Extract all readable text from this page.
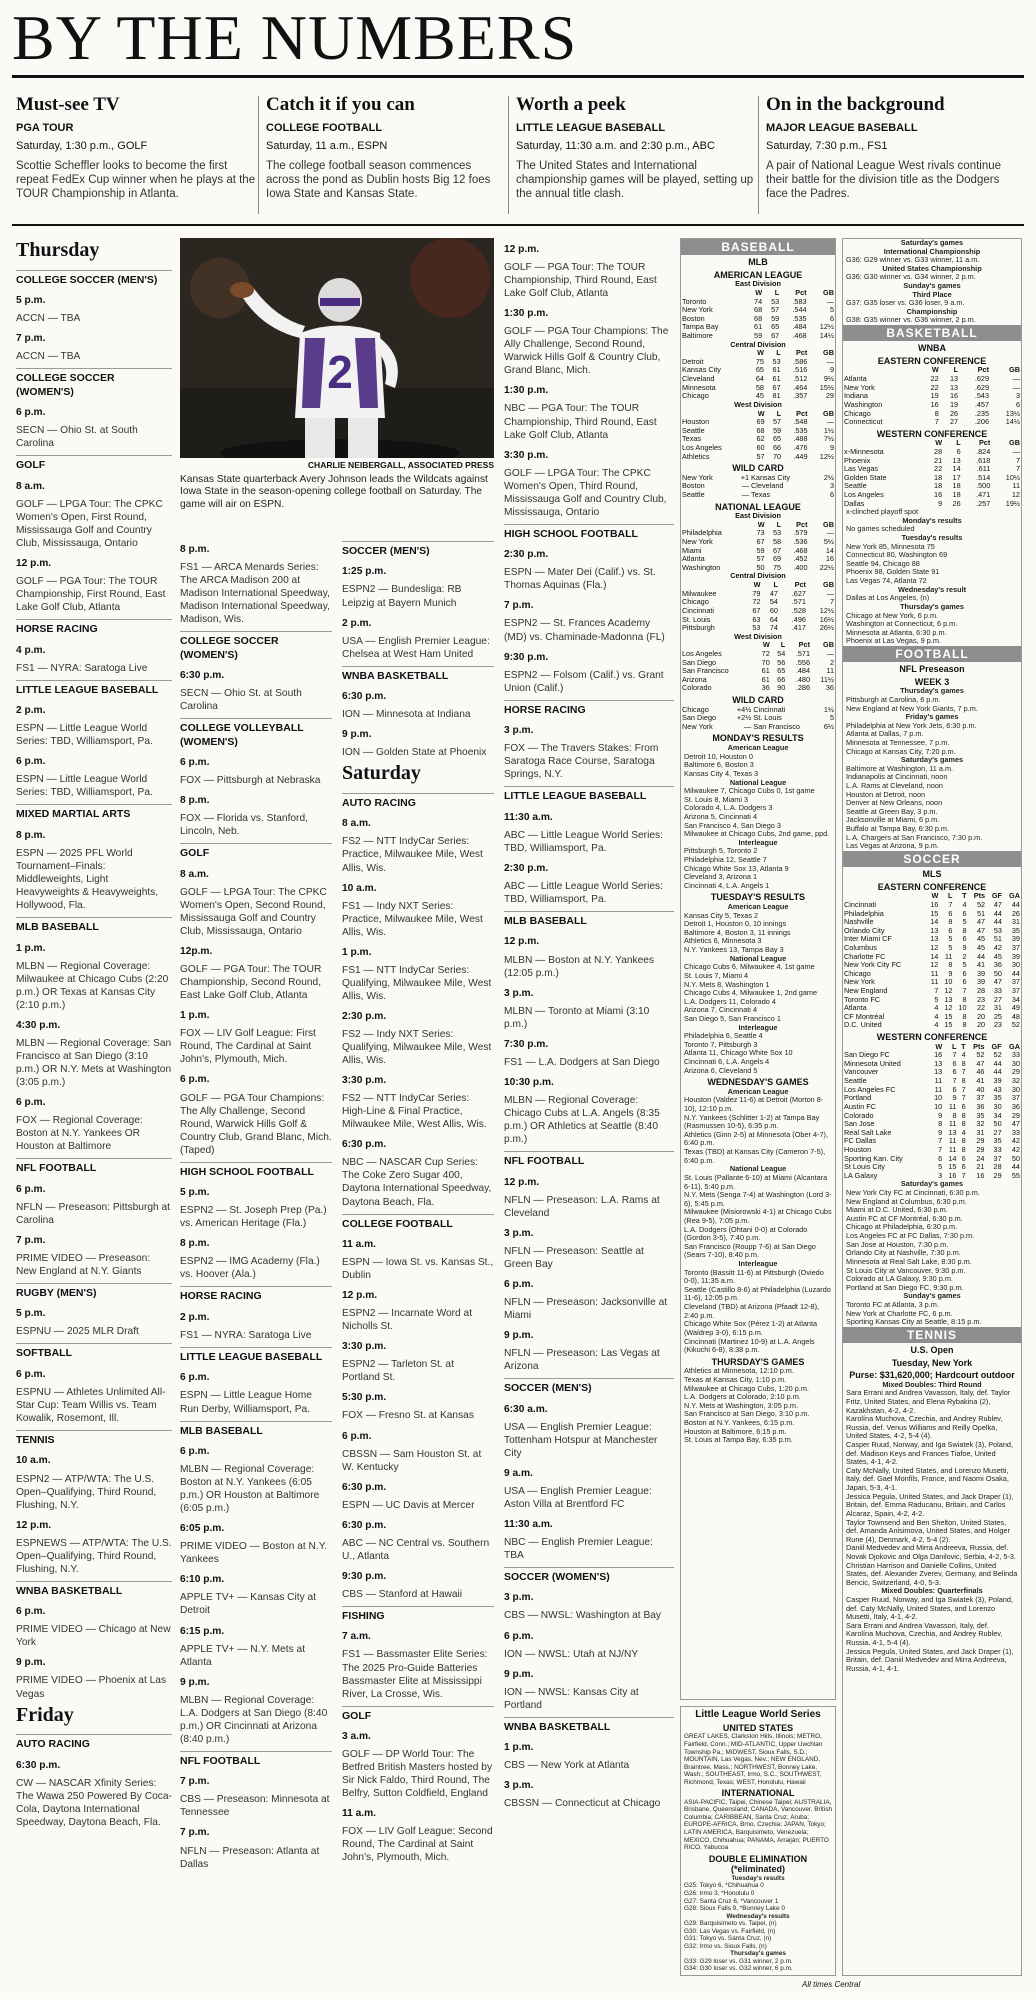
BY THE NUMBERS
Must-see TV
PGA TOUR
Saturday, 1:30 p.m., GOLF
Scottie Scheffler looks to become the first repeat FedEx Cup winner when he plays at the TOUR Championship in Atlanta.
Catch it if you can
COLLEGE FOOTBALL
Saturday, 11 a.m., ESPN
The college football season commences across the pond as Dublin hosts Big 12 foes Iowa State and Kansas State.
Worth a peek
LITTLE LEAGUE BASEBALL
Saturday, 11:30 a.m. and 2:30 p.m., ABC
The United States and International championship games will be played, setting up the annual title clash.
On in the background
MAJOR LEAGUE BASEBALL
Saturday, 7:30 p.m., FS1
A pair of National League West rivals continue their battle for the division title as the Dodgers face the Padres.
Thursday
COLLEGE SOCCER (MEN'S)
5 p.m.
ACCN — TBA
7 p.m.
ACCN — TBA
COLLEGE SOCCER (WOMEN'S)
6 p.m.
SECN — Ohio St. at South Carolina
GOLF
8 a.m.
GOLF — LPGA Tour: The CPKC Women's Open, First Round, Mississauga Golf and Country Club, Mississauga, Ontario
12 p.m.
GOLF — PGA Tour: The TOUR Championship, First Round, East Lake Golf Club, Atlanta
HORSE RACING
4 p.m.
FS1 — NYRA: Saratoga Live
LITTLE LEAGUE BASEBALL
2 p.m.
ESPN — Little League World Series: TBD, Williamsport, Pa.
6 p.m.
ESPN — Little League World Series: TBD, Williamsport, Pa.
MIXED MARTIAL ARTS
8 p.m.
ESPN — 2025 PFL World Tournament–Finals: Middleweights, Light Heavyweights & Heavyweights, Hollywood, Fla.
MLB BASEBALL
1 p.m.
MLBN — Regional Coverage: Milwaukee at Chicago Cubs (2:20 p.m.) OR Texas at Kansas City (2:10 p.m.)
4:30 p.m.
MLBN — Regional Coverage: San Francisco at San Diego (3:10 p.m.) OR N.Y. Mets at Washington (3:05 p.m.)
6 p.m.
FOX — Regional Coverage: Boston at N.Y. Yankees OR Houston at Baltimore
NFL FOOTBALL
6 p.m.
NFLN — Preseason: Pittsburgh at Carolina
7 p.m.
PRIME VIDEO — Preseason: New England at N.Y. Giants
RUGBY (MEN'S)
5 p.m.
ESPNU — 2025 MLR Draft
SOFTBALL
6 p.m.
ESPNU — Athletes Unlimited All-Star Cup: Team Willis vs. Team Kowalik, Rosemont, Ill.
TENNIS
10 a.m.
ESPN2 — ATP/WTA: The U.S. Open–Qualifying, Third Round, Flushing, N.Y.
12 p.m.
ESPNEWS — ATP/WTA: The U.S. Open–Qualifying, Third Round, Flushing, N.Y.
WNBA BASKETBALL
6 p.m.
PRIME VIDEO — Chicago at New York
9 p.m.
PRIME VIDEO — Phoenix at Las Vegas
Friday
AUTO RACING
6:30 p.m.
CW — NASCAR Xfinity Series: The Wawa 250 Powered By Coca-Cola, Daytona International Speedway, Daytona Beach, Fla.
2
CHARLIE NEIBERGALL, ASSOCIATED PRESS
Kansas State quarterback Avery Johnson leads the Wildcats against Iowa State in the season-opening college football on Saturday. The game will air on ESPN.
8 p.m.
FS1 — ARCA Menards Series: The ARCA Madison 200 at Madison International Speedway, Madison International Speedway, Madison, Wis.
COLLEGE SOCCER (WOMEN'S)
6:30 p.m.
SECN — Ohio St. at South Carolina
COLLEGE VOLLEYBALL (WOMEN'S)
6 p.m.
FOX — Pittsburgh at Nebraska
8 p.m.
FOX — Florida vs. Stanford, Lincoln, Neb.
GOLF
8 a.m.
GOLF — LPGA Tour: The CPKC Women's Open, Second Round, Mississauga Golf and Country Club, Mississauga, Ontario
12p.m.
GOLF — PGA Tour: The TOUR Championship, Second Round, East Lake Golf Club, Atlanta
1 p.m.
FOX — LIV Golf League: First Round, The Cardinal at Saint John's, Plymouth, Mich.
6 p.m.
GOLF — PGA Tour Champions: The Ally Challenge, Second Round, Warwick Hills Golf & Country Club, Grand Blanc, Mich. (Taped)
HIGH SCHOOL FOOTBALL
5 p.m.
ESPN2 — St. Joseph Prep (Pa.) vs. American Heritage (Fla.)
8 p.m.
ESPN2 — IMG Academy (Fla.) vs. Hoover (Ala.)
HORSE RACING
2 p.m.
FS1 — NYRA: Saratoga Live
LITTLE LEAGUE BASEBALL
6 p.m.
ESPN — Little League Home Run Derby, Williamsport, Pa.
MLB BASEBALL
6 p.m.
MLBN — Regional Coverage: Boston at N.Y. Yankees (6:05 p.m.) OR Houston at Baltimore (6:05 p.m.)
6:05 p.m.
PRIME VIDEO — Boston at N.Y. Yankees
6:10 p.m.
APPLE TV+ — Kansas City at Detroit
6:15 p.m.
APPLE TV+ — N.Y. Mets at Atlanta
9 p.m.
MLBN — Regional Coverage: L.A. Dodgers at San Diego (8:40 p.m.) OR Cincinnati at Arizona (8:40 p.m.)
NFL FOOTBALL
7 p.m.
CBS — Preseason: Minnesota at Tennessee
7 p.m.
NFLN — Preseason: Atlanta at Dallas
SOCCER (MEN'S)
1:25 p.m.
ESPN2 — Bundesliga: RB Leipzig at Bayern Munich
2 p.m.
USA — English Premier League: Chelsea at West Ham United
WNBA BASKETBALL
6:30 p.m.
ION — Minnesota at Indiana
9 p.m.
ION — Golden State at Phoenix
Saturday
AUTO RACING
8 a.m.
FS2 — NTT IndyCar Series: Practice, Milwaukee Mile, West Allis, Wis.
10 a.m.
FS1 — Indy NXT Series: Practice, Milwaukee Mile, West Allis, Wis.
1 p.m.
FS1 — NTT IndyCar Series: Qualifying, Milwaukee Mile, West Allis, Wis.
2:30 p.m.
FS2 — Indy NXT Series: Qualifying, Milwaukee Mile, West Allis, Wis.
3:30 p.m.
FS2 — NTT IndyCar Series: High-Line & Final Practice, Milwaukee Mile, West Allis, Wis.
6:30 p.m.
NBC — NASCAR Cup Series: The Coke Zero Sugar 400, Daytona International Speedway, Daytona Beach, Fla.
COLLEGE FOOTBALL
11 a.m.
ESPN — Iowa St. vs. Kansas St., Dublin
12 p.m.
ESPN2 — Incarnate Word at Nicholls St.
3:30 p.m.
ESPN2 — Tarleton St. at Portland St.
5:30 p.m.
FOX — Fresno St. at Kansas
6 p.m.
CBSSN — Sam Houston St. at W. Kentucky
6:30 p.m.
ESPN — UC Davis at Mercer
6:30 p.m.
ABC — NC Central vs. Southern U., Atlanta
9:30 p.m.
CBS — Stanford at Hawaii
FISHING
7 a.m.
FS1 — Bassmaster Elite Series: The 2025 Pro-Guide Batteries Bassmaster Elite at Mississippi River, La Crosse, Wis.
GOLF
3 a.m.
GOLF — DP World Tour: The Betfred British Masters hosted by Sir Nick Faldo, Third Round, The Belfry, Sutton Coldfield, England
11 a.m.
FOX — LIV Golf League: Second Round, The Cardinal at Saint John's, Plymouth, Mich.
12 p.m.
GOLF — PGA Tour: The TOUR Championship, Third Round, East Lake Golf Club, Atlanta
1:30 p.m.
GOLF — PGA Tour Champions: The Ally Challenge, Second Round, Warwick Hills Golf & Country Club, Grand Blanc, Mich.
1:30 p.m.
NBC — PGA Tour: The TOUR Championship, Third Round, East Lake Golf Club, Atlanta
3:30 p.m.
GOLF — LPGA Tour: The CPKC Women's Open, Third Round, Mississauga Golf and Country Club, Mississauga, Ontario
HIGH SCHOOL FOOTBALL
2:30 p.m.
ESPN — Mater Dei (Calif.) vs. St. Thomas Aquinas (Fla.)
7 p.m.
ESPN2 — St. Frances Academy (MD) vs. Chaminade-Madonna (FL)
9:30 p.m.
ESPN2 — Folsom (Calif.) vs. Grant Union (Calif.)
HORSE RACING
3 p.m.
FOX — The Travers Stakes: From Saratoga Race Course, Saratoga Springs, N.Y.
LITTLE LEAGUE BASEBALL
11:30 a.m.
ABC — Little League World Series: TBD, Williamsport, Pa.
2:30 p.m.
ABC — Little League World Series: TBD, Williamsport, Pa.
MLB BASEBALL
12 p.m.
MLBN — Boston at N.Y. Yankees (12:05 p.m.)
3 p.m.
MLBN — Toronto at Miami (3:10 p.m.)
7:30 p.m.
FS1 — L.A. Dodgers at San Diego
10:30 p.m.
MLBN — Regional Coverage: Chicago Cubs at L.A. Angels (8:35 p.m.) OR Athletics at Seattle (8:40 p.m.)
NFL FOOTBALL
12 p.m.
NFLN — Preseason: L.A. Rams at Cleveland
3 p.m.
NFLN — Preseason: Seattle at Green Bay
6 p.m.
NFLN — Preseason: Jacksonville at Miami
9 p.m.
NFLN — Preseason: Las Vegas at Arizona
SOCCER (MEN'S)
6:30 a.m.
USA — English Premier League: Tottenham Hotspur at Manchester City
9 a.m.
USA — English Premier League: Aston Villa at Brentford FC
11:30 a.m.
NBC — English Premier League: TBA
SOCCER (WOMEN'S)
3 p.m.
CBS — NWSL: Washington at Bay
6 p.m.
ION — NWSL: Utah at NJ/NY
9 p.m.
ION — NWSL: Kansas City at Portland
WNBA BASKETBALL
1 p.m.
CBS — New York at Atlanta
3 p.m.
CBSSN — Connecticut at Chicago
BASEBALL
MLB
AMERICAN LEAGUE
East Division				
	W	L	Pct	GB
Toronto	74	53	.583	—
New York	68	57	.544	5
Boston	68	59	.535	6
Tampa Bay	61	65	.484	12½
Baltimore	59	67	.468	14½
Central Division				
	W	L	Pct	GB
Detroit	75	53	.586	—
Kansas City	65	61	.516	9
Cleveland	64	61	.512	9½
Minnesota	58	67	.464	15½
Chicago	45	81	.357	29
West Division				
	W	L	Pct	GB
Houston	69	57	.548	—
Seattle	68	59	.535	1½
Texas	62	65	.488	7½
Los Angeles	60	66	.476	9
Athletics	57	70	.449	12½
WILD CARD
New York	+1	Kansas City	2½
Boston	—	Cleveland	3
Seattle	—	Texas	6
NATIONAL LEAGUE
East Division				
	W	L	Pct	GB
Philadelphia	73	53	.579	—
New York	67	58	.536	5½
Miami	59	67	.468	14
Atlanta	57	69	.452	16
Washington	50	75	.400	22½
Central Division				
	W	L	Pct	GB
Milwaukee	79	47	.627	—
Chicago	72	54	.571	7
Cincinnati	67	60	.528	12½
St. Louis	63	64	.496	16½
Pittsburgh	53	74	.417	26½
West Division				
	W	L	Pct	GB
Los Angeles	72	54	.571	—
San Diego	70	56	.556	2
San Francisco	61	65	.484	11
Arizona	61	66	.480	11½
Colorado	36	90	.286	36
WILD CARD
Chicago	+4½	Cincinnati	1½
San Diego	+2½	St. Louis	5
New York	—	San Francisco	6½
MONDAY'S RESULTS
American League
Detroit 10, Houston 0
Baltimore 6, Boston 3
Kansas City 4, Texas 3
National League
Milwaukee 7, Chicago Cubs 0, 1st game
St. Louis 8, Miami 3
Colorado 4, L.A. Dodgers 3
Arizona 5, Cincinnati 4
San Francisco 4, San Diego 3
Milwaukee at Chicago Cubs, 2nd game, ppd.
Interleague
Pittsburgh 5, Toronto 2
Philadelphia 12, Seattle 7
Chicago White Sox 13, Atlanta 9
Cleveland 3, Arizona 1
Cincinnati 4, L.A. Angels 1
TUESDAY'S RESULTS
American League
Kansas City 5, Texas 2
Detroit 1, Houston 0, 10 innings
Baltimore 4, Boston 3, 11 innings
Athletics 6, Minnesota 3
N.Y. Yankees 13, Tampa Bay 3
National League
Chicago Cubs 6, Milwaukee 4, 1st game
St. Louis 7, Miami 4
N.Y. Mets 8, Washington 1
Chicago Cubs 4, Milwaukee 1, 2nd game
L.A. Dodgers 11, Colorado 4
Arizona 7, Cincinnati 4
San Diego 5, San Francisco 1
Interleague
Philadelphia 6, Seattle 4
Toronto 7, Pittsburgh 3
Atlanta 11, Chicago White Sox 10
Cincinnati 6, L.A. Angels 4
Arizona 6, Cleveland 5
WEDNESDAY'S GAMES
American League
Houston (Valdez 11-6) at Detroit (Morton 8-10), 12:10 p.m.
N.Y. Yankees (Schlitter 1-2) at Tampa Bay (Rasmussen 10-5), 6:35 p.m.
Athletics (Ginn 2-5) at Minnesota (Ober 4-7), 6:40 p.m.
Texas (TBD) at Kansas City (Cameron 7-5), 6:40 p.m.
National League
St. Louis (Pallante 6-10) at Miami (Alcantara 6-11), 5:40 p.m.
N.Y. Mets (Senga 7-4) at Washington (Lord 3-6), 5:45 p.m.
Milwaukee (Misiorowski 4-1) at Chicago Cubs (Rea 9-5), 7:05 p.m.
L.A. Dodgers (Ohtani 0-0) at Colorado (Gordon 3-5), 7:40 p.m.
San Francisco (Roupp 7-6) at San Diego (Sears 7-10), 8:40 p.m.
Interleague
Toronto (Bassitt 11-6) at Pittsburgh (Oviedo 0-0), 11:35 a.m.
Seattle (Castillo 8-6) at Philadelphia (Luzardo 11-6), 12:05 p.m.
Cleveland (TBD) at Arizona (Pfaadt 12-8), 2:40 p.m.
Chicago White Sox (Pérez 1-2) at Atlanta (Waldrep 3-0), 6:15 p.m.
Cincinnati (Martinez 10-9) at L.A. Angels (Kikuchi 6-8), 8:38 p.m.
THURSDAY'S GAMES
Athletics at Minnesota, 12:10 p.m.
Texas at Kansas City, 1:10 p.m.
Milwaukee at Chicago Cubs, 1:20 p.m.
L.A. Dodgers at Colorado, 2:10 p.m.
N.Y. Mets at Washington, 3:05 p.m.
San Francisco at San Diego, 3:10 p.m.
Boston at N.Y. Yankees, 6:15 p.m.
Houston at Baltimore, 6:15 p.m.
St. Louis at Tampa Bay, 6:35 p.m.
Little League World Series
UNITED STATES
GREAT LAKES, Clarkston Hills, Illinois; METRO, Fairfield, Conn.; MID-ATLANTIC, Upper Uwchlan Township Pa.; MIDWEST, Sioux Falls, S.D.; MOUNTAIN, Las Vegas, Nev.; NEW ENGLAND, Braintree, Mass.; NORTHWEST, Bonney Lake, Wash.; SOUTHEAST, Irmo, S.C.; SOUTHWEST, Richmond, Texas; WEST, Honolulu, Hawaii
INTERNATIONAL
ASIA-PACIFIC, Taipei, Chinese Taipei; AUSTRALIA, Brisbane, Queensland; CANADA, Vancouver, British Columbia; CARIBBEAN, Santa Cruz, Aruba; EUROPE-AFRICA, Brno, Czechia; JAPAN, Tokyo; LATIN AMERICA, Barquisimeto, Venezuela; MEXICO, Chihuahua; PANAMA, Arraiján; PUERTO RICO, Yabucoa
DOUBLE ELIMINATION (*eliminated)
Tuesday's results
G25: Tokyo 6, *Chihuahua 0
G26: Irmo 3, *Honolulu 0
G27: Santa Cruz 6, *Vancouver 1
G28: Sioux Falls 9, *Bonney Lake 0
Wednesday's results
G29: Barquisimeto vs. Taipei, (n)
G30: Las Vegas vs. Fairfield, (n)
G31: Tokyo vs. Santa Cruz, (n)
G32: Irmo vs. Sioux Falls, (n)
Thursday's games
G33: G29 loser vs. G31 winner, 2 p.m.
G34: G30 loser vs. G32 winner, 6 p.m.
Saturday's games
International Championship
G36: G29 winner vs. G33 winner, 11 a.m.
United States Championship
G36: G30 winner vs. G34 winner, 2 p.m.
Sunday's games
Third Place
G37: G35 loser vs. G36 loser, 9 a.m.
Championship
G38: G35 winner vs. G36 winner, 2 p.m.
BASKETBALL
WNBA
EASTERN CONFERENCE
	W	L	Pct	GB
Atlanta	22	13	.629	—
New York	22	13	.629	—
Indiana	19	16	.543	3
Washington	16	19	.457	6
Chicago	8	26	.235	13½
Connecticut	7	27	.206	14½
WESTERN CONFERENCE
	W	L	Pct	GB
x-Minnesota	28	6	.824	—
Phoenix	21	13	.618	7
Las Vegas	22	14	.611	7
Golden State	18	17	.514	10½
Seattle	18	18	.500	11
Los Angeles	16	18	.471	12
Dallas	9	26	.257	19½
x-clinched playoff spot
Monday's results
No games scheduled
Tuesday's results
New York 85, Minnesota 75
Connecticut 80, Washington 69
Seattle 94, Chicago 88
Phoenix 98, Golden State 91
Las Vegas 74, Atlanta 72
Wednesday's result
Dallas at Los Angeles, (n)
Thursday's games
Chicago at New York, 6 p.m.
Washington at Connecticut, 6 p.m.
Minnesota at Atlanta, 6:30 p.m.
Phoenix at Las Vegas, 9 p.m.
FOOTBALL
NFL Preseason
WEEK 3
Thursday's games
Pittsburgh at Carolina, 6 p.m.
New England at New York Giants, 7 p.m.
Friday's games
Philadelphia at New York Jets, 6:30 p.m.
Atlanta at Dallas, 7 p.m.
Minnesota at Tennessee, 7 p.m.
Chicago at Kansas City, 7:20 p.m.
Saturday's games
Baltimore at Washington, 11 a.m.
Indianapolis at Cincinnati, noon
L.A. Rams at Cleveland, noon
Houston at Detroit, noon
Denver at New Orleans, noon
Seattle at Green Bay, 3 p.m.
Jacksonville at Miami, 6 p.m.
Buffalo at Tampa Bay, 6:30 p.m.
L.A. Chargers at San Francisco, 7:30 p.m.
Las Vegas at Arizona, 9 p.m.
SOCCER
MLS
EASTERN CONFERENCE
	W	L	T	Pts	GF	GA
Cincinnati	16	7	4	52	47	44
Philadelphia	15	6	6	51	44	26
Nashville	14	8	5	47	44	31
Orlando City	13	6	8	47	53	35
Inter Miami CF	13	5	6	45	51	39
Columbus	12	5	9	45	42	37
Charlotte FC	14	11	2	44	45	39
New York City FC	12	8	5	41	36	30
Chicago	11	9	6	39	50	44
New York	11	10	6	39	47	37
New England	7	12	7	28	33	37
Toronto FC	5	13	8	23	27	34
Atlanta	4	12	10	22	31	49
CF Montréal	4	15	8	20	25	48
D.C. United	4	15	8	20	23	52
WESTERN CONFERENCE
	W	L	T	Pts	GF	GA
San Diego FC	16	7	4	52	52	33
Minnesota United	13	6	8	47	44	30
Vancouver	13	6	7	46	44	29
Seattle	11	7	8	41	39	32
Los Angeles FC	11	6	7	40	43	30
Portland	10	9	7	37	35	37
Austin FC	10	11	6	36	30	36
Colorado	9	8	8	35	34	29
San Jose	8	11	8	32	50	47
Real Salt Lake	9	13	4	31	27	33
FC Dallas	7	11	8	29	35	42
Houston	7	11	8	29	33	42
Sporting Kan. City	6	14	6	24	37	50
St Louis City	5	15	6	21	28	44
LA Galaxy	3	16	7	16	29	55
Saturday's games
New York City FC at Cincinnati, 6:30 p.m.
New England at Columbus, 6:30 p.m.
Miami at D.C. United, 6:30 p.m.
Austin FC at CF Montréal, 6:30 p.m.
Chicago at Philadelphia, 6:30 p.m.
Los Angeles FC at FC Dallas, 7:30 p.m.
San Jose at Houston, 7:30 p.m.
Orlando City at Nashville, 7:30 p.m.
Minnesota at Real Salt Lake, 8:30 p.m.
St Louis City at Vancouver, 9:30 p.m.
Colorado at LA Galaxy, 9:30 p.m.
Portland at San Diego FC, 9:30 p.m.
Sunday's games
Toronto FC at Atlanta, 3 p.m.
New York at Charlotte FC, 6 p.m.
Sporting Kansas City at Seattle, 8:15 p.m.
TENNIS
U.S. Open
Tuesday, New York
Purse: $31,620,000; Hardcourt outdoor
Mixed Doubles: Third Round
Sara Errani and Andrea Vavassori, Italy, def. Taylor Fritz, United States, and Elena Rybakina (2), Kazakhstan, 4-2, 4-2.
Karolína Muchova, Czechia, and Andrey Rublev, Russia, def. Venus Williams and Reilly Opelka, United States, 4-2, 5-4 (4).
Casper Ruud, Norway, and Iga Swiatek (3), Poland, def. Madison Keys and Frances Tiafoe, United States, 4-1, 4-2.
Caty McNally, United States, and Lorenzo Musetti, Italy, def. Gael Monfils, France, and Naomi Osaka, Japan, 5-3, 4-1.
Jessica Pegula, United States, and Jack Draper (1), Britain, def. Emma Raducanu, Britain, and Carlos Alcaraz, Spain, 4-2, 4-2.
Taylor Townsend and Ben Shelton, United States, def. Amanda Anisimova, United States, and Holger Rune (4), Denmark, 4-2, 5-4 (2).
Daniil Medvedev and Mirra Andreeva, Russia, def. Novak Djokovic and Olga Danilovic, Serbia, 4-2, 5-3.
Christian Harrison and Danielle Collins, United States, def. Alexander Zverev, Germany, and Belinda Bencic, Switzerland, 4-0, 5-3.
Mixed Doubles: Quarterfinals
Casper Ruud, Norway, and Iga Swiatek (3), Poland, def. Caty McNally, United States, and Lorenzo Musetti, Italy, 4-1, 4-2.
Sara Errani and Andrea Vavassori, Italy, def. Karolína Muchova, Czechia, and Andrey Rublev, Russia, 4-1, 5-4 (4).
Jessica Pegula, United States, and Jack Draper (1), Britain, def. Daniil Medvedev and Mirra Andreeva, Russia, 4-1, 4-1.
All times Central
